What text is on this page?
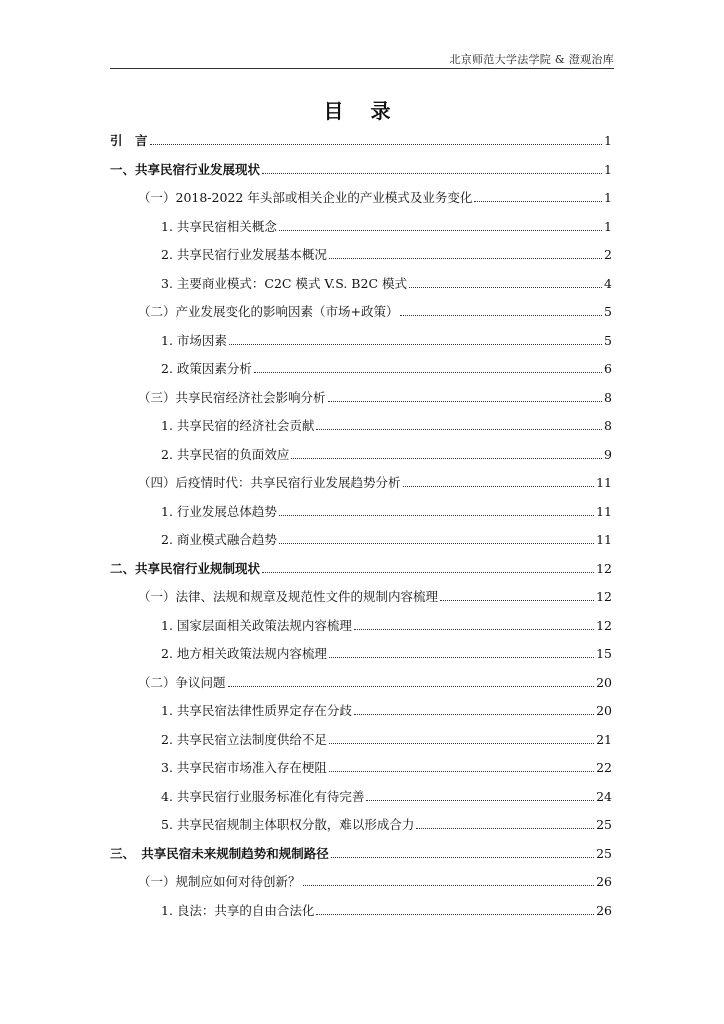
北京师范大学法学院 & 澄观治库
目 录
引　言	1
一、共享民宿行业发展现状	1
（一）2018-2022 年头部或相关企业的产业模式及业务变化	1
1. 共享民宿相关概念	1
2. 共享民宿行业发展基本概况	2
3. 主要商业模式：C2C 模式 V.S. B2C 模式	4
（二）产业发展变化的影响因素（市场+政策）	5
1. 市场因素	5
2. 政策因素分析	6
（三）共享民宿经济社会影响分析	8
1. 共享民宿的经济社会贡献	8
2. 共享民宿的负面效应	9
（四）后疫情时代：共享民宿行业发展趋势分析	11
1. 行业发展总体趋势	11
2. 商业模式融合趋势	11
二、共享民宿行业规制现状	12
（一）法律、法规和规章及规范性文件的规制内容梳理	12
1. 国家层面相关政策法规内容梳理	12
2. 地方相关政策法规内容梳理	15
（二）争议问题	20
1. 共享民宿法律性质界定存在分歧	20
2. 共享民宿立法制度供给不足	21
3. 共享民宿市场准入存在梗阻	22
4. 共享民宿行业服务标准化有待完善	24
5. 共享民宿规制主体职权分散，难以形成合力	25
三、　共享民宿未来规制趋势和规制路径	25
（一）规制应如何对待创新？	26
1. 良法：共享的自由合法化	26
